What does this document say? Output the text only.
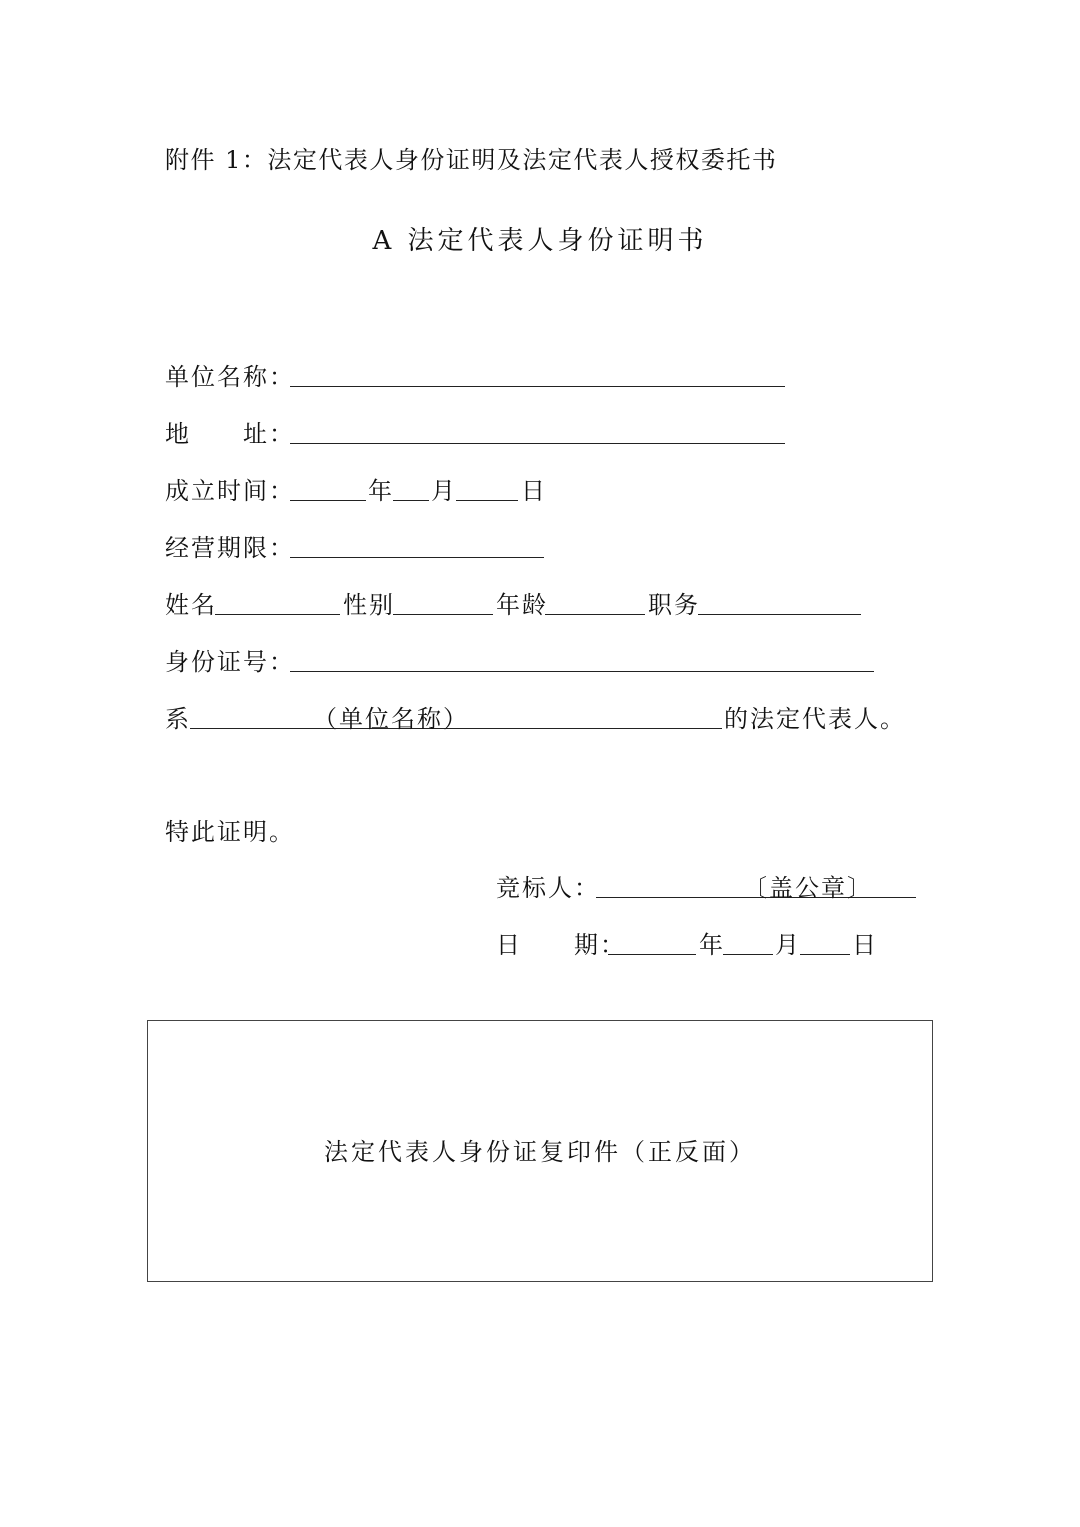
附件 1：法定代表人身份证明及法定代表人授权委托书
A 法定代表人身份证明书
单位名称：
地　　址：
成立时间：	年 月	日
经营期限：
姓名	性别	年龄	职务
身份证号：
系	（单位名称）	的法定代表人。
特此证明。
竞标人：	〔盖公章〕
日　　期：	年 月 日
法定代表人身份证复印件（正反面）
